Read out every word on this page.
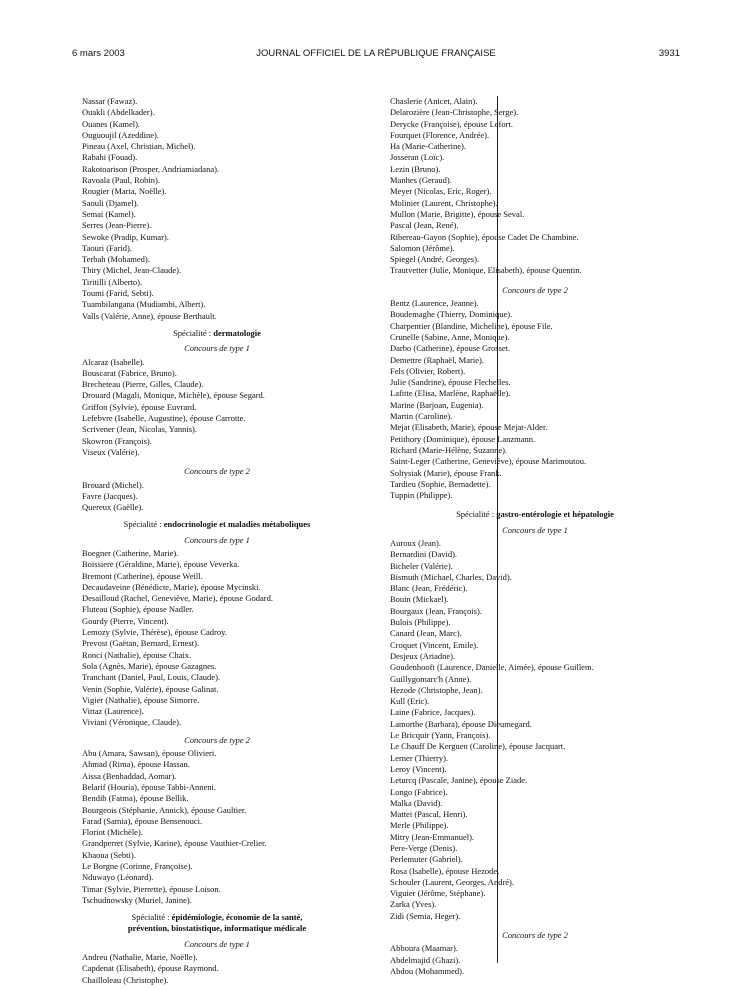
6 mars 2003	JOURNAL OFFICIEL DE LA RÉPUBLIQUE FRANÇAISE	3931
Nassar (Fawaz).
Ouakli (Abdelkader).
Ouanes (Kamel).
Ouguoujil (Azeddine).
Pineau (Axel, Christian, Michel).
Rabahi (Fouad).
Rakotoarison (Prosper, Andriamiadana).
Ravoala (Paul, Robin).
Rougier (Maria, Noëlle).
Saouli (Djamel).
Semai (Kamel).
Serres (Jean-Pierre).
Sewoke (Pradip, Kumar).
Taouri (Farid).
Terbah (Mohamed).
Thiry (Michel, Jean-Claude).
Tiritilli (Alberto).
Toumi (Farid, Sebti).
Tuambilangana (Mudiambi, Albert).
Valls (Valérie, Anne), épouse Berthault.
Spécialité : dermatologie
Concours de type 1
Alcaraz (Isabelle).
Bouscarat (Fabrice, Bruno).
Brecheteau (Pierre, Gilles, Claude).
Drouard (Magali, Monique, Michèle), épouse Segard.
Griffon (Sylvie), épouse Euvrard.
Lefebvre (Isabelle, Augustine), épouse Carrotte.
Scrivener (Jean, Nicolas, Yannis).
Skowron (François).
Viseux (Valérie).
Concours de type 2
Brouard (Michel).
Favre (Jacques).
Quereux (Gaëlle).
Spécialité : endocrinologie et maladies métaboliques
Concours de type 1
Boegner (Catherine, Marie).
Boissiere (Géraldine, Marie), épouse Veverka.
Bremont (Catherine), épouse Weill.
Decaudaveine (Bénédicte, Marie), épouse Mycinski.
Desailloud (Rachel, Geneviève, Marie), épouse Godard.
Fluteau (Sophie), épouse Nadler.
Gourdy (Pierre, Vincent).
Lemozy (Sylvie, Thérèse), épouse Cadroy.
Prevost (Gaëtan, Bernard, Ernest).
Ronci (Nathalie), épouse Chaix.
Sola (Agnès, Marie), épouse Gazagnes.
Tranchant (Daniel, Paul, Louis, Claude).
Venin (Sophie, Valérie), épouse Galinat.
Vigier (Nathalie), épouse Simorre.
Vittaz (Laurence).
Viviani (Véronique, Claude).
Concours de type 2
Abu (Amara, Sawsan), épouse Olivieri.
Ahmad (Rima), épouse Hassan.
Aissa (Benhaddad, Aomar).
Belarif (Houria), épouse Tabbi-Anneni.
Bendib (Fatma), épouse Bellik.
Bourgeois (Stéphanie, Annick), épouse Gaultier.
Farad (Samia), épouse Bensenouci.
Floriot (Michèle).
Grandperret (Sylvie, Karine), épouse Vauthier-Crelier.
Khaoua (Sebti).
Le Borgne (Corinne, Françoise).
Nduwayo (Léonard).
Timar (Sylvie, Pierrette), épouse Loison.
Tschudnowsky (Muriel, Janine).
Spécialité : épidémiologie, économie de la santé,
prévention, biostatistique, informatique médicale
Concours de type 1
Andreu (Nathalie, Marie, Noëlle).
Capdenat (Elisabeth), épouse Raymond.
Chailloleau (Christophe).
Chaslerie (Anicet, Alain).
Delarozière (Jean-Christophe, Serge).
Derycke (Françoise), épouse Lefort.
Fourquet (Florence, Andrée).
Ha (Marie-Catherine).
Josseran (Loïc).
Lezin (Bruno).
Manhes (Geraud).
Meyer (Nicolas, Eric, Roger).
Molinier (Laurent, Christophe).
Mullon (Marie, Brigitte), épouse Seval.
Pascal (Jean, René).
Ribereau-Gayon (Sophie), épouse Cadet De Chambine.
Salomon (Jérôme).
Spiegel (André, Georges).
Trautvetter (Julie, Monique, Elisabeth), épouse Quentin.
Concours de type 2
Bentz (Laurence, Jeanne).
Boudemaghe (Thierry, Dominique).
Charpentier (Blandine, Micheline), épouse File.
Crunelle (Sabine, Anne, Monique).
Darbo (Catherine), épouse Grosset.
Demettre (Raphaël, Marie).
Fels (Olivier, Robert).
Julie (Sandrine), épouse Flechelles.
Lafitte (Elisa, Marlène, Raphaëlle).
Marine (Barjoan, Eugenia).
Martin (Caroline).
Mejat (Elisabeth, Marie), épouse Mejat-Alder.
Petithory (Dominique), épouse Lanzmann.
Richard (Marie-Hélène, Suzanne).
Saint-Leger (Catherine, Geneviève), épouse Marimoutou.
Soltysiak (Marie), épouse Frank.
Tardieu (Sophie, Bernadette).
Tuppin (Philippe).
Spécialité : gastro-entérologie et hépatologie
Concours de type 1
Auroux (Jean).
Bernardini (David).
Bicheler (Valérie).
Bismuth (Michael, Charles, David).
Blanc (Jean, Frédéric).
Bouin (Mickael).
Bourgaux (Jean, François).
Bulois (Philippe).
Canard (Jean, Marc).
Croquet (Vincent, Emile).
Desjeux (Ariadne).
Goudenhooft (Laurence, Danielle, Aimée), épouse Guillem.
Guillygomarc'h (Anne).
Hezode (Christophe, Jean).
Kull (Eric).
Laine (Fabrice, Jacques).
Lamorthe (Barbara), épouse Dieumegard.
Le Bricquir (Yann, François).
Le Chauff De Kerguen (Caroline), épouse Jacquart.
Lerner (Thierry).
Leroy (Vincent).
Leturcq (Pascale, Janine), épouse Ziade.
Longo (Fabrice).
Malka (David).
Mattei (Pascal, Henri).
Merle (Philippe).
Mitry (Jean-Emmanuel).
Pere-Verge (Denis).
Perlemuter (Gabriel).
Rosa (Isabelle), épouse Hezode.
Schouler (Laurent, Georges, André).
Viguier (Jérôme, Stéphane).
Zarka (Yves).
Zidi (Semia, Heger).
Concours de type 2
Abboura (Maamar).
Abdelmajid (Ghazi).
Abdou (Mohammed).
